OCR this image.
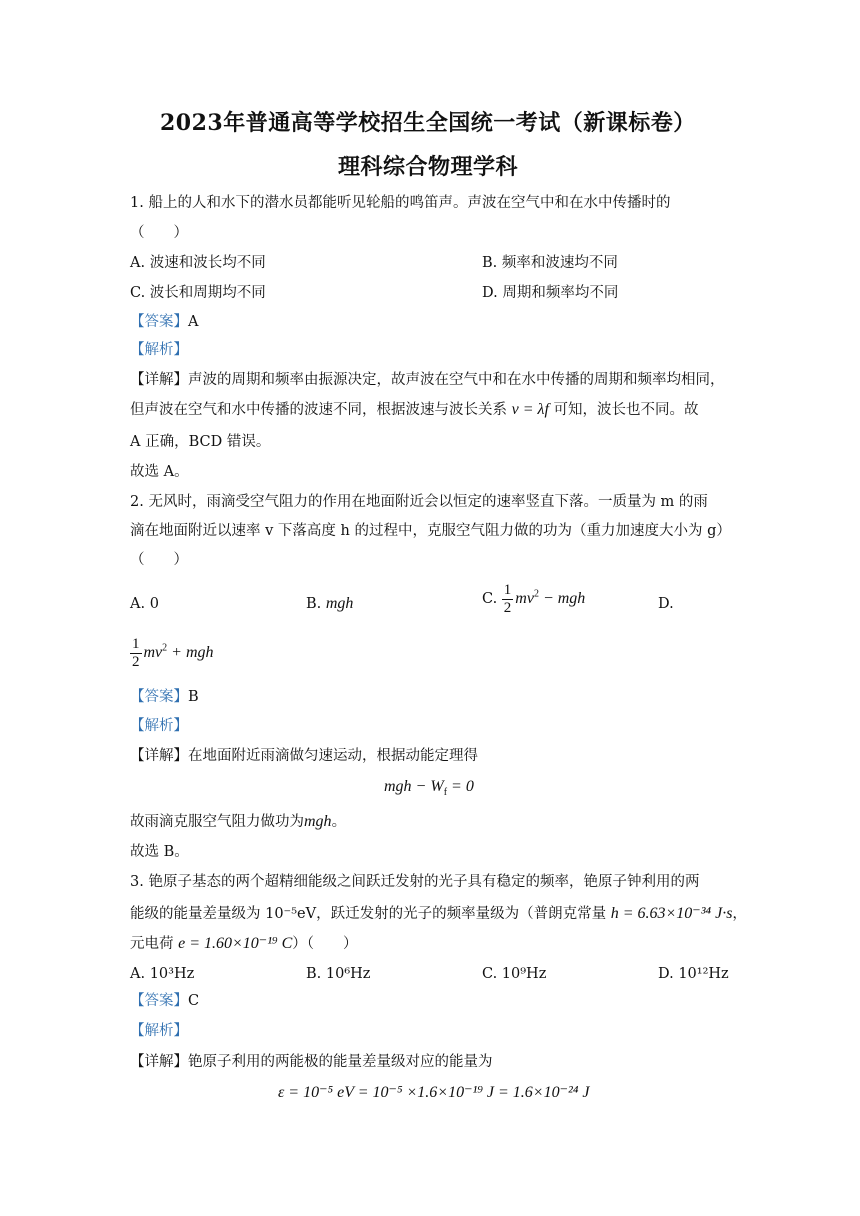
2023年普通高等学校招生全国统一考试（新课标卷）
理科综合物理学科
1. 船上的人和水下的潜水员都能听见轮船的鸣笛声。声波在空气中和在水中传播时的
（　　）
A. 波速和波长均不同	B. 频率和波速均不同
C. 波长和周期均不同	D. 周期和频率均不同
【答案】A
【解析】
【详解】声波的周期和频率由振源决定，故声波在空气中和在水中传播的周期和频率均相同，
但声波在空气和水中传播的波速不同，根据波速与波长关系 v = λf 可知，波长也不同。故
A 正确，BCD 错误。
故选 A。
2. 无风时，雨滴受空气阻力的作用在地面附近会以恒定的速率竖直下落。一质量为 m 的雨
滴在地面附近以速率 v 下落高度 h 的过程中，克服空气阻力做的功为（重力加速度大小为 g）
（　　）
A. 0	B. mgh	C. $\frac{1}{2} mv^2$ − mgh	D.
$\frac{1}{2} mv^2$ + mgh
【答案】B
【解析】
【详解】在地面附近雨滴做匀速运动，根据动能定理得
mgh − $W_f = 0$
故雨滴克服空气阻力做功为mgh。
故选 B。
3. 铯原子基态的两个超精细能级之间跃迁发射的光子具有稳定的频率，铯原子钟利用的两
能级的能量差量级为 10⁻⁵eV，跃迁发射的光子的频率量级为（普朗克常量 h = 6.63×10⁻³⁴ J·s，
元电荷 e = 1.60×10⁻¹⁹ C）（　　）
A. 10³Hz	B. 10⁶Hz	C. 10⁹Hz	D. 10¹²Hz
【答案】C
【解析】
【详解】铯原子利用的两能极的能量差量级对应的能量为
ε = 10⁻⁵ eV = 10⁻⁵ ×1.6×10⁻¹⁹ J = 1.6×10⁻²⁴ J
